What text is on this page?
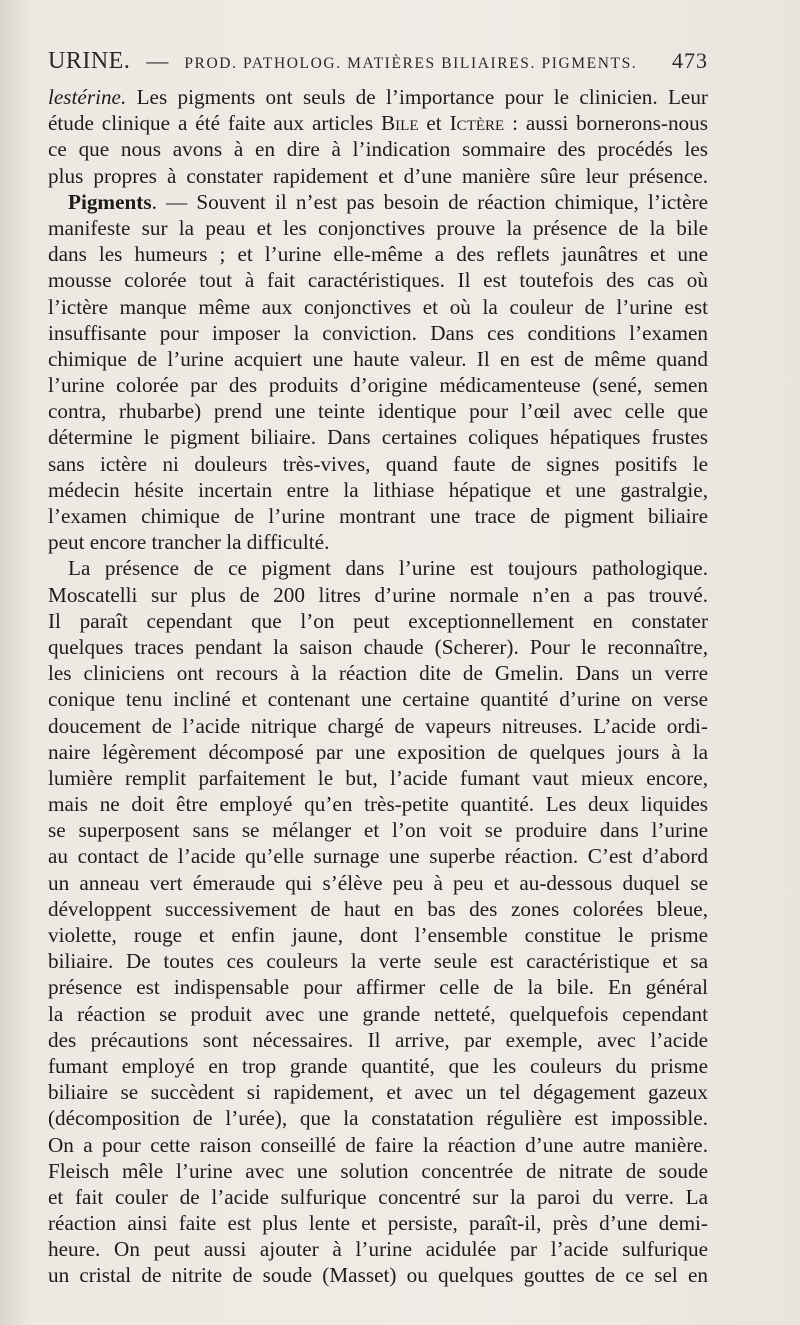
URINE. — PROD. PATHOLOG. MATIÈRES BILIAIRES. PIGMENTS. 473
lestérine. Les pigments ont seuls de l’importance pour le clinicien. Leur
étude clinique a été faite aux articles Bile et Ictère : aussi bornerons-nous
ce que nous avons à en dire à l’indication sommaire des procédés les
plus propres à constater rapidement et d’une manière sûre leur présence.
Pigments. — Souvent il n’est pas besoin de réaction chimique, l’ictère
manifeste sur la peau et les conjonctives prouve la présence de la bile
dans les humeurs ; et l’urine elle-même a des reflets jaunâtres et une
mousse colorée tout à fait caractéristiques. Il est toutefois des cas où
l’ictère manque même aux conjonctives et où la couleur de l’urine est
insuffisante pour imposer la conviction. Dans ces conditions l’examen
chimique de l’urine acquiert une haute valeur. Il en est de même quand
l’urine colorée par des produits d’origine médicamenteuse (sené, semen
contra, rhubarbe) prend une teinte identique pour l’œil avec celle que
détermine le pigment biliaire. Dans certaines coliques hépatiques frustes
sans ictère ni douleurs très-vives, quand faute de signes positifs le
médecin hésite incertain entre la lithiase hépatique et une gastralgie,
l’examen chimique de l’urine montrant une trace de pigment biliaire
peut encore trancher la difficulté.
La présence de ce pigment dans l’urine est toujours pathologique.
Moscatelli sur plus de 200 litres d’urine normale n’en a pas trouvé.
Il paraît cependant que l’on peut exceptionnellement en constater
quelques traces pendant la saison chaude (Scherer). Pour le reconnaître,
les cliniciens ont recours à la réaction dite de Gmelin. Dans un verre
conique tenu incliné et contenant une certaine quantité d’urine on verse
doucement de l’acide nitrique chargé de vapeurs nitreuses. L’acide ordi-
naire légèrement décomposé par une exposition de quelques jours à la
lumière remplit parfaitement le but, l’acide fumant vaut mieux encore,
mais ne doit être employé qu’en très-petite quantité. Les deux liquides
se superposent sans se mélanger et l’on voit se produire dans l’urine
au contact de l’acide qu’elle surnage une superbe réaction. C’est d’abord
un anneau vert émeraude qui s’élève peu à peu et au-dessous duquel se
développent successivement de haut en bas des zones colorées bleue,
violette, rouge et enfin jaune, dont l’ensemble constitue le prisme
biliaire. De toutes ces couleurs la verte seule est caractéristique et sa
présence est indispensable pour affirmer celle de la bile. En général
la réaction se produit avec une grande netteté, quelquefois cependant
des précautions sont nécessaires. Il arrive, par exemple, avec l’acide
fumant employé en trop grande quantité, que les couleurs du prisme
biliaire se succèdent si rapidement, et avec un tel dégagement gazeux
(décomposition de l’urée), que la constatation régulière est impossible.
On a pour cette raison conseillé de faire la réaction d’une autre manière.
Fleisch mêle l’urine avec une solution concentrée de nitrate de soude
et fait couler de l’acide sulfurique concentré sur la paroi du verre. La
réaction ainsi faite est plus lente et persiste, paraît-il, près d’une demi-
heure. On peut aussi ajouter à l’urine acidulée par l’acide sulfurique
un cristal de nitrite de soude (Masset) ou quelques gouttes de ce sel en
